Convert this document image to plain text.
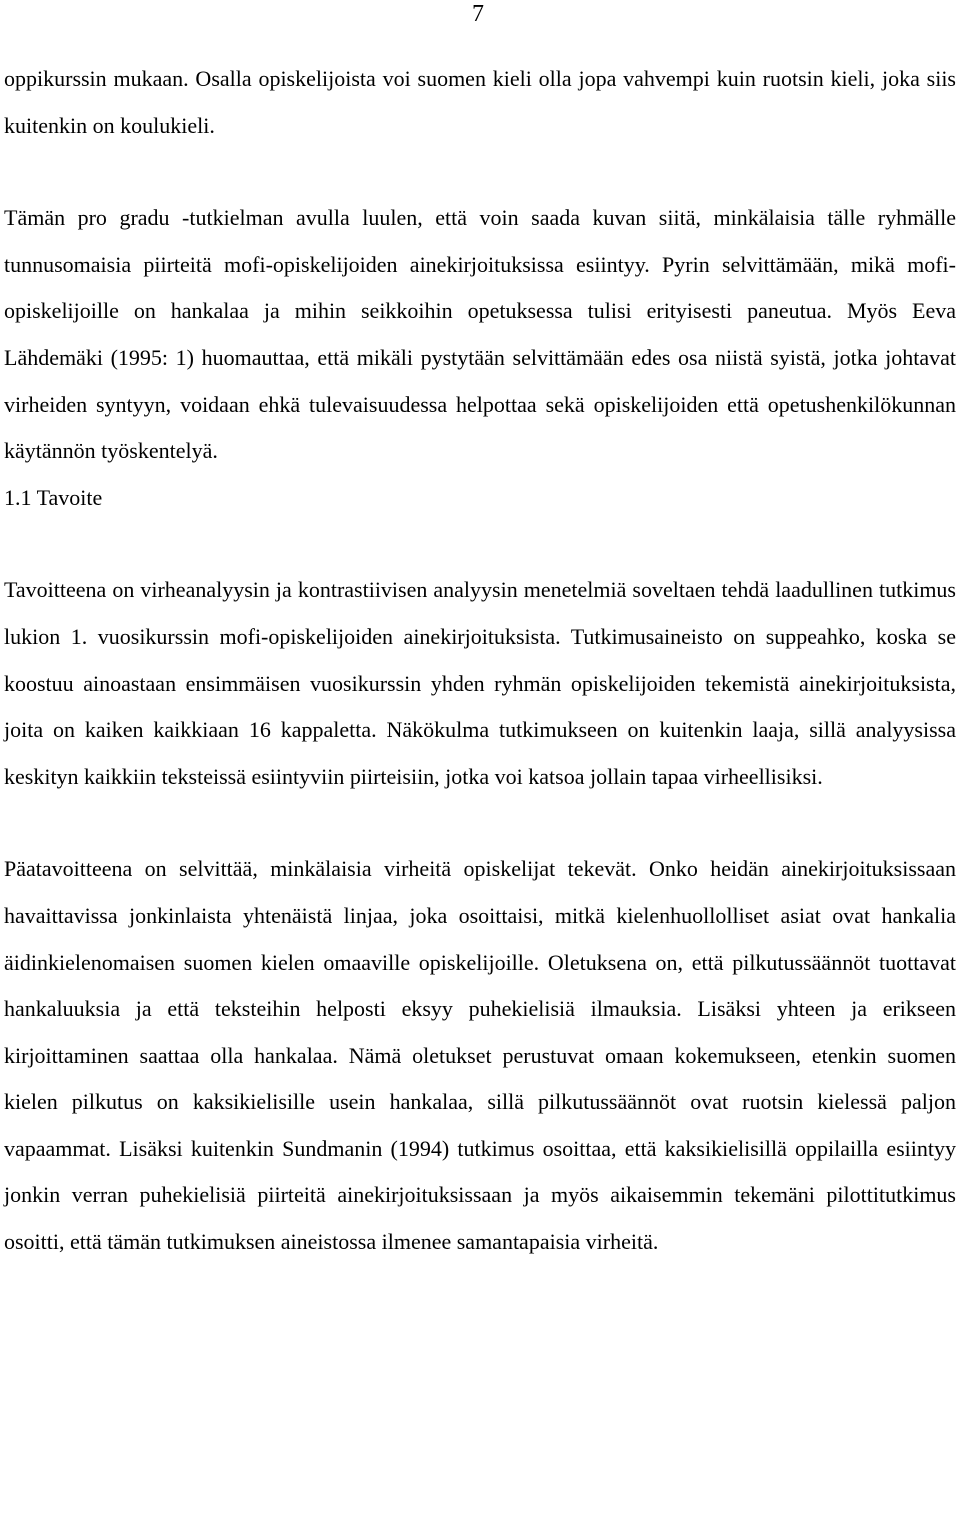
7

oppikurssin mukaan. Osalla opiskelijoista voi suomen kieli olla jopa vahvempi kuin ruotsin kieli, joka siis kuitenkin on koulukieli.

Tämän pro gradu -tutkielman avulla luulen, että voin saada kuvan siitä, minkälaisia tälle ryhmälle tunnusomaisia piirteitä mofi-opiskelijoiden ainekirjoituksissa esiintyy. Pyrin selvittämään, mikä mofi-opiskelijoille on hankalaa ja mihin seikkoihin opetuksessa tulisi erityisesti paneutua. Myös Eeva Lähdemäki (1995: 1) huomauttaa, että mikäli pystytään selvittämään edes osa niistä syistä, jotka johtavat virheiden syntyyn, voidaan ehkä tulevaisuudessa helpottaa sekä opiskelijoiden että opetushenkilökunnan käytännön työskentelyä.

1.1 Tavoite

Tavoitteena on virheanalyysin ja kontrastiivisen analyysin menetelmiä soveltaen tehdä laadullinen tutkimus lukion 1. vuosikurssin mofi-opiskelijoiden ainekirjoituksista. Tutkimusaineisto on suppeahko, koska se koostuu ainoastaan ensimmäisen vuosikurssin yhden ryhmän opiskelijoiden tekemistä ainekirjoituksista, joita on kaiken kaikkiaan 16 kappaletta. Näkökulma tutkimukseen on kuitenkin laaja, sillä analyysissa keskityn kaikkiin teksteissä esiintyviin piirteisiin, jotka voi katsoa jollain tapaa virheellisiksi.

Päatavoitteena on selvittää, minkälaisia virheitä opiskelijat tekevät. Onko heidän ainekirjoituksissaan havaittavissa jonkinlaista yhtenäistä linjaa, joka osoittaisi, mitkä kielenhuollolliset asiat ovat hankalia äidinkielenomaisen suomen kielen omaaville opiskelijoille. Oletuksena on, että pilkutussäännöt tuottavat hankaluuksia ja että teksteihin helposti eksyy puhekielisiä ilmauksia. Lisäksi yhteen ja erikseen kirjoittaminen saattaa olla hankalaa. Nämä oletukset perustuvat omaan kokemukseen, etenkin suomen kielen pilkutus on kaksikielisille usein hankalaa, sillä pilkutussäännöt ovat ruotsin kielessä paljon vapaammat. Lisäksi kuitenkin Sundmanin (1994) tutkimus osoittaa, että kaksikielisillä oppilailla esiintyy jonkin verran puhekielisiä piirteitä ainekirjoituksissaan ja myös aikaisemmin tekemäni pilottitutkimus osoitti, että tämän tutkimuksen aineistossa ilmenee samantapaisia virheitä.
